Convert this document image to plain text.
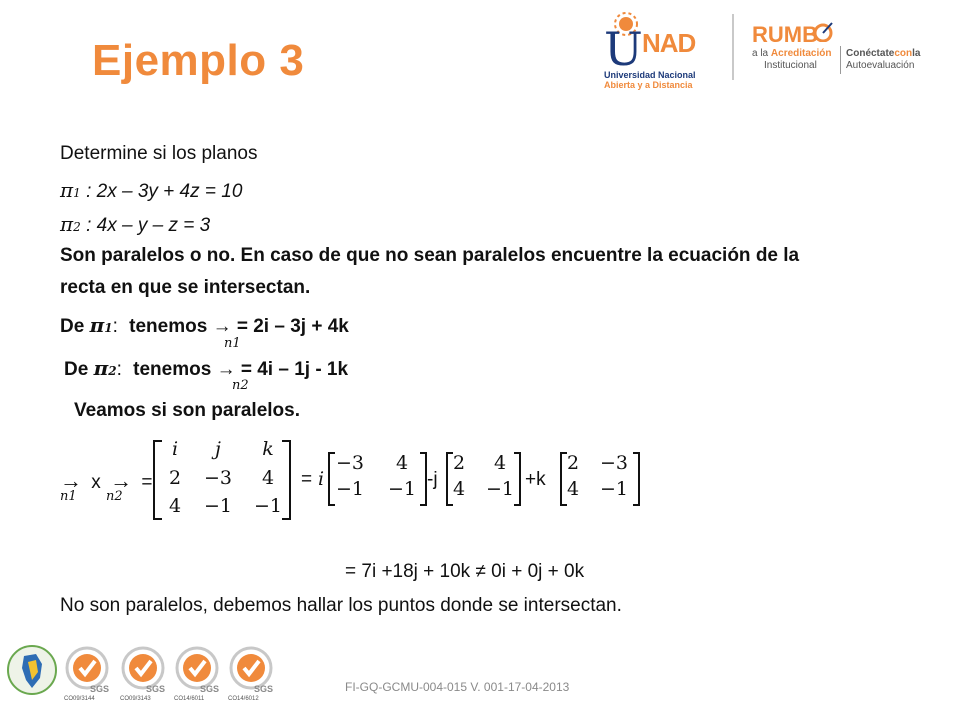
Ejemplo 3	U NAD
Universidad Nacional
Abierta y a Distancia
RUMB
a la Acreditación
Institucional
Conéctateconla
Autoevaluación
Determine si los planos
π1 : 2x – 3y + 4z = 10
π2 : 4x – y – z = 3
Son paralelos o no. En caso de que no sean paralelos encuentre la ecuación de la
recta en que se intersectan.
De π1: tenemos → = 2i – 3j + 4k
n1
De π2: tenemos → = 4i – 1j - 1k
n2
Veamos si son paralelos.
→ x → =
n1 n2
i	j	k
2	−3	4
4	−1	−1
= i
−3	4
−1 −1 -j
2	4
4 −1 +k
2 −3
4 −1
= 7i +18j + 10k ≠ 0i + 0j + 0k
No son paralelos, debemos hallar los puntos donde se intersectan.
SGS
CO09/3144
SGS
CO09/3143
SGS
CO14/6011
SGS
CO14/6012
FI-GQ-GCMU-004-015 V. 001-17-04-2013
